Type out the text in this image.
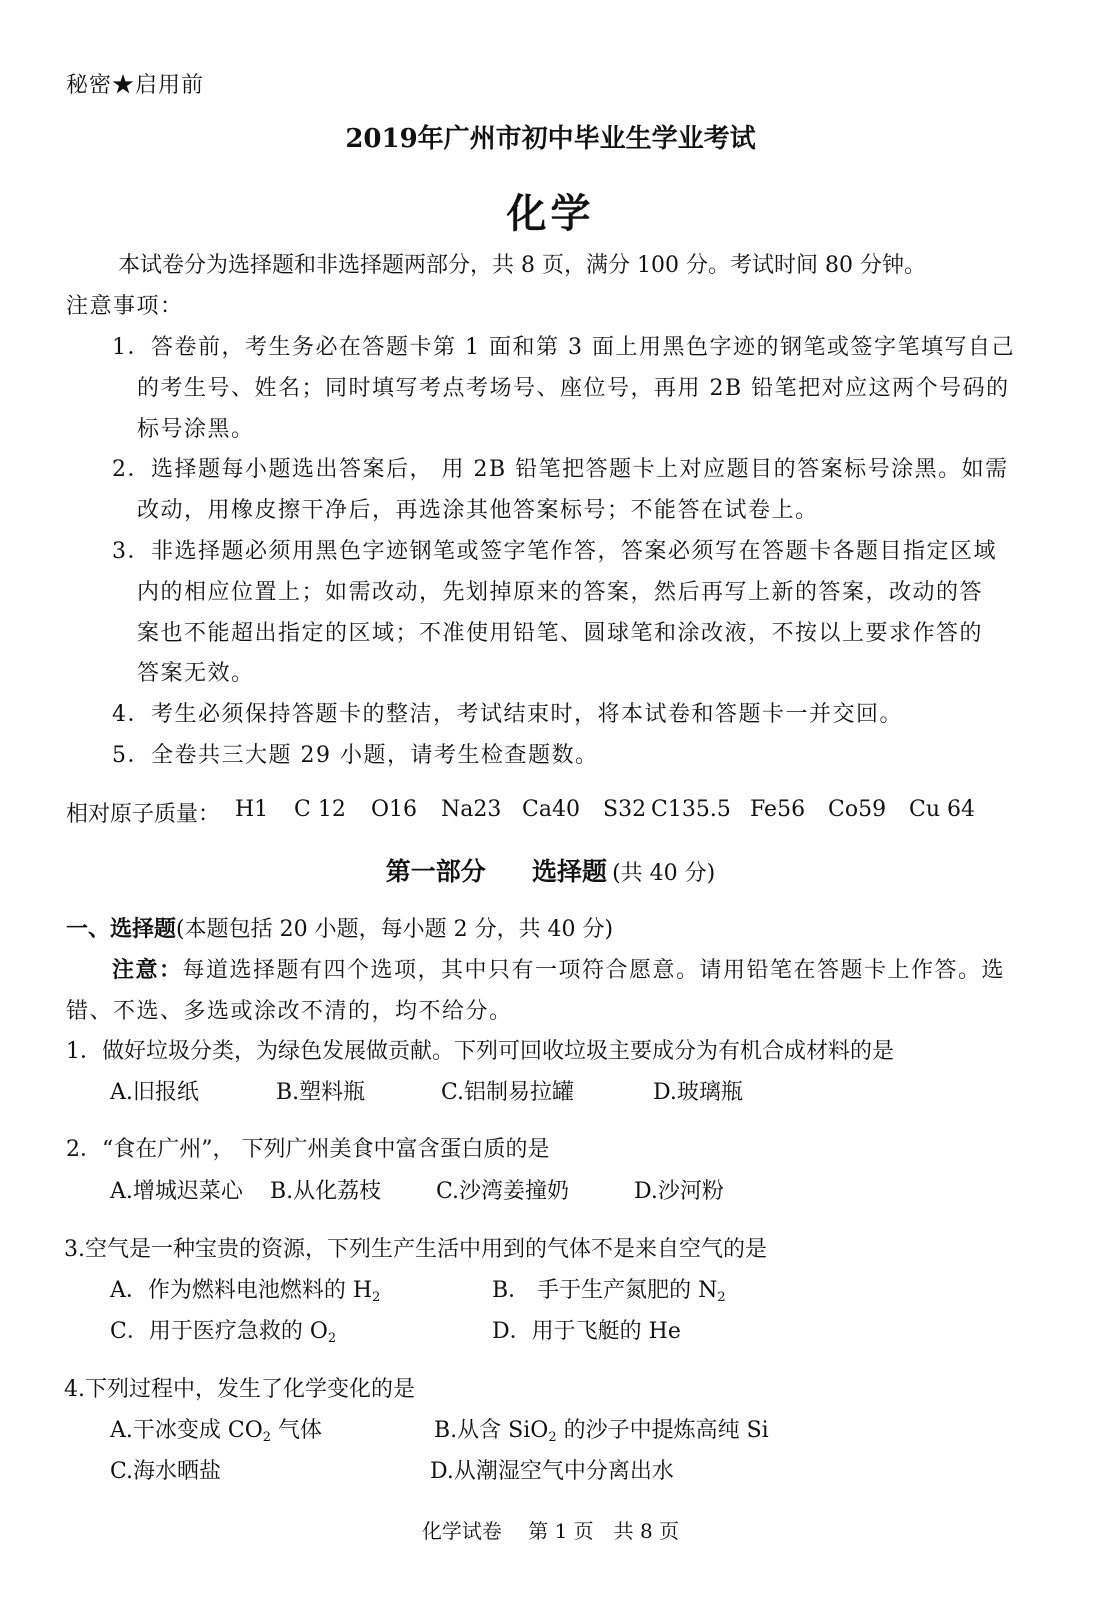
秘密★启用前
2019年广州市初中毕业生学业考试
化学
本试卷分为选择题和非选择题两部分，共 8 页，满分 100 分。考试时间 80 分钟。
注意事项：
1．答卷前，考生务必在答题卡第 1 面和第 3 面上用黑色字迹的钢笔或签字笔填写自己
的考生号、姓名；同时填写考点考场号、座位号，再用 2B 铅笔把对应这两个号码的
标号涂黑。
2．选择题每小题选出答案后， 用 2B 铅笔把答题卡上对应题目的答案标号涂黑。如需
改动，用橡皮擦干净后，再选涂其他答案标号；不能答在试卷上。
3．非选择题必须用黑色字迹钢笔或签字笔作答，答案必须写在答题卡各题目指定区域
内的相应位置上；如需改动，先划掉原来的答案，然后再写上新的答案，改动的答
案也不能超出指定的区域；不准使用铅笔、圆球笔和涂改液，不按以上要求作答的
答案无效。
4．考生必须保持答题卡的整洁，考试结束时，将本试卷和答题卡一并交回。
5．全卷共三大题 29 小题，请考生检查题数。
相对原子质量： H1 C 12 O16 Na23 Ca40 S32 C135.5 Fe56 Co59 Cu 64
第一部分 选择题 (共 40 分)
一、选择题(本题包括 20 小题，每小题 2 分，共 40 分)
注意：每道选择题有四个选项，其中只有一项符合愿意。请用铅笔在答题卡上作答。选
错、不选、多选或涂改不清的，均不给分。
1．做好垃圾分类，为绿色发展做贡献。下列可回收垃圾主要成分为有机合成材料的是
A.旧报纸	B.塑料瓶	C.铝制易拉罐	D.玻璃瓶
2．“食在广州”， 下列广州美食中富含蛋白质的是
A.增城迟菜心 B.从化荔枝 C.沙湾姜撞奶	D.沙河粉
3.空气是一种宝贵的资源，下列生产生活中用到的气体不是来自空气的是
A．作为燃料电池燃料的 $H_2$	B． 手于生产氮肥的 $N_2$
C．用于医疗急救的 $O_2$	D．用于飞艇的 He
4.下列过程中，发生了化学变化的是
A.干冰变成 $CO_2$ 气体	B.从含 SiO$_2$ 的沙子中提炼高纯 Si
C.海水晒盐	D.从潮湿空气中分离出水
化学试卷　 第 1 页　共 8 页
